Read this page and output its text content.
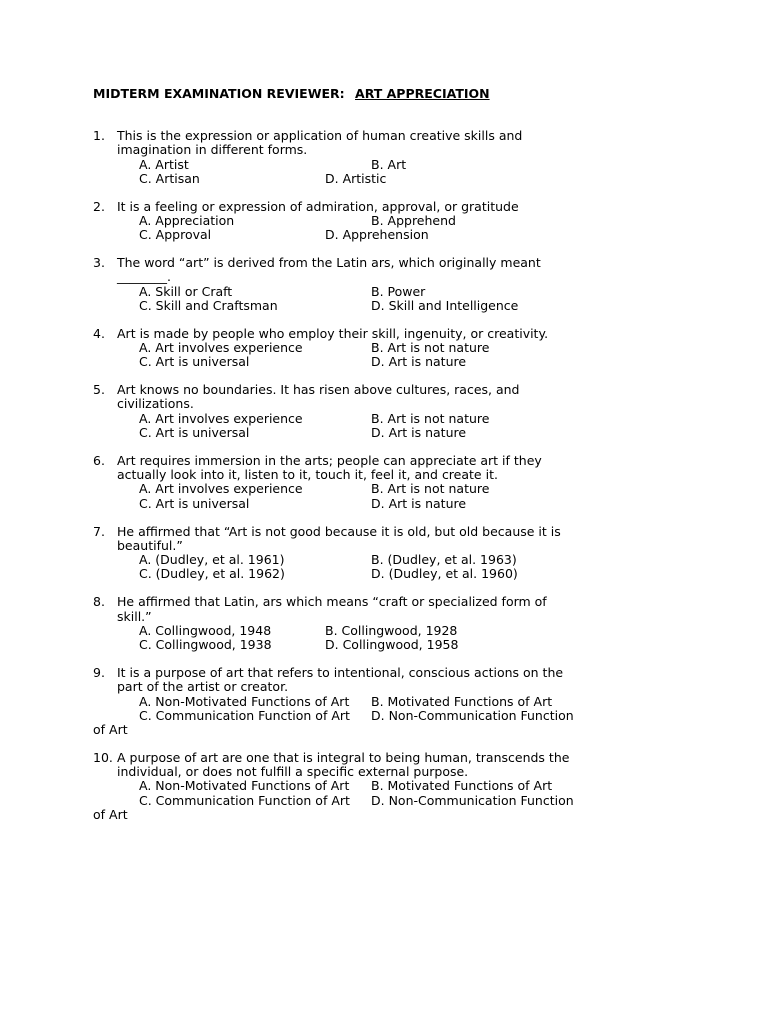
MIDTERM EXAMINATION REVIEWER: ART APPRECIATION
1. This is the expression or application of human creative skills and
imagination in different forms.
A. Artist	B. Art
C. Artisan	D. Artistic
2. It is a feeling or expression of admiration, approval, or gratitude
A. Appreciation	B. Apprehend
C. Approval	D. Apprehension
3. The word “art” is derived from the Latin ars, which originally meant
________.
A. Skill or Craft	B. Power
C. Skill and Craftsman	D. Skill and Intelligence
4. Art is made by people who employ their skill, ingenuity, or creativity.
A. Art involves experience	B. Art is not nature
C. Art is universal	D. Art is nature
5. Art knows no boundaries. It has risen above cultures, races, and
civilizations.
A. Art involves experience	B. Art is not nature
C. Art is universal	D. Art is nature
6. Art requires immersion in the arts; people can appreciate art if they
actually look into it, listen to it, touch it, feel it, and create it.
A. Art involves experience	B. Art is not nature
C. Art is universal	D. Art is nature
7. He affirmed that “Art is not good because it is old, but old because it is
beautiful.”
A. (Dudley, et al. 1961)	B. (Dudley, et al. 1963)
C. (Dudley, et al. 1962)	D. (Dudley, et al. 1960)
8. He affirmed that Latin, ars which means “craft or specialized form of
skill.”
A. Collingwood, 1948	B. Collingwood, 1928
C. Collingwood, 1938	D. Collingwood, 1958
9. It is a purpose of art that refers to intentional, conscious actions on the
part of the artist or creator.
A. Non-Motivated Functions of Art B. Motivated Functions of Art
C. Communication Function of Art D. Non-Communication Function
of Art
10. A purpose of art are one that is integral to being human, transcends the
individual, or does not fulfill a specific external purpose.
A. Non-Motivated Functions of Art B. Motivated Functions of Art
C. Communication Function of Art D. Non-Communication Function
of Art
